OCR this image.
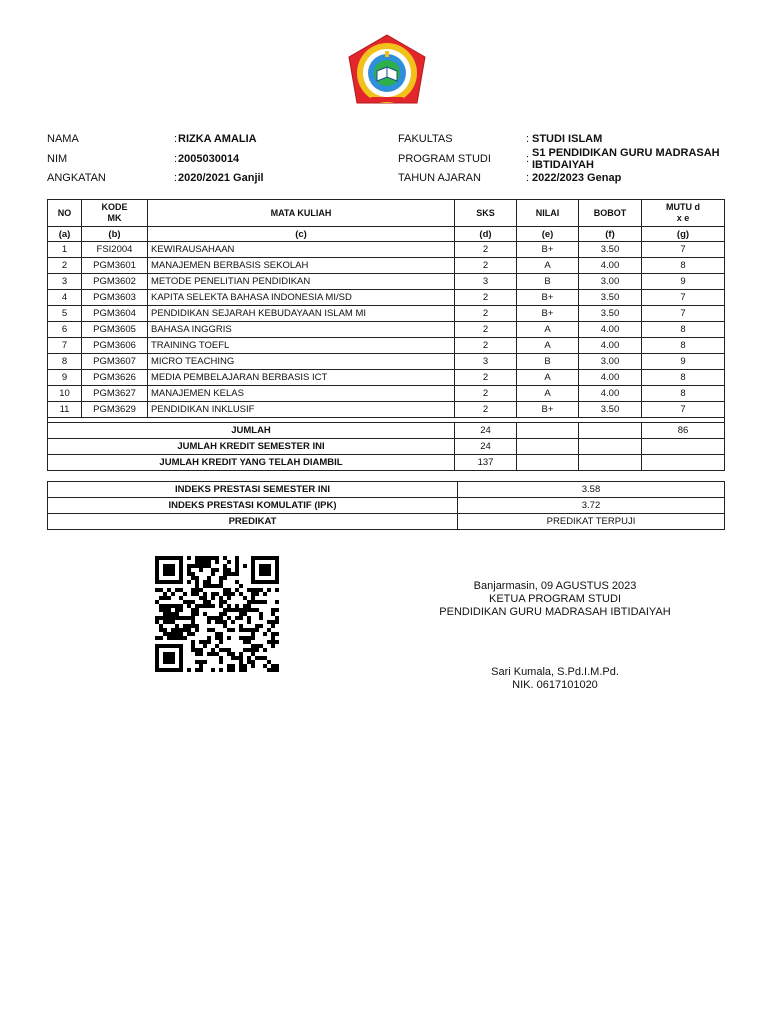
NAMA	: RIZKA AMALIA	FAKULTAS	: STUDI ISLAM
NIM	: 2005030014	PROGRAM STUDI	: S1 PENDIDIKAN GURU MADRASAH IBTIDAIYAH
ANGKATAN	: 2020/2021 Ganjil	TAHUN AJARAN	: 2022/2023 Genap
NO	KODE MK	MATA KULIAH	SKS	NILAI	BOBOT	MUTU d x e
(a)	(b)	(c)	(d)	(e)	(f)	(g)
1	FSI2004	KEWIRAUSAHAAN	2	B+	3.50	7
2	PGM3601	MANAJEMEN BERBASIS SEKOLAH	2	A	4.00	8
3	PGM3602	METODE PENELITIAN PENDIDIKAN	3	B	3.00	9
4	PGM3603	KAPITA SELEKTA BAHASA INDONESIA MI/SD	2	B+	3.50	7
5	PGM3604	PENDIDIKAN SEJARAH KEBUDAYAAN ISLAM MI	2	B+	3.50	7
6	PGM3605	BAHASA INGGRIS	2	A	4.00	8
7	PGM3606	TRAINING TOEFL	2	A	4.00	8
8	PGM3607	MICRO TEACHING	3	B	3.00	9
9	PGM3626	MEDIA PEMBELAJARAN BERBASIS ICT	2	A	4.00	8
10	PGM3627	MANAJEMEN KELAS	2	A	4.00	8
11	PGM3629	PENDIDIKAN INKLUSIF	2	B+	3.50	7

JUMLAH			24			86
JUMLAH KREDIT SEMESTER INI			24			
JUMLAH KREDIT YANG TELAH DIAMBIL			137			
INDEKS PRESTASI SEMESTER INI	3.58
INDEKS PRESTASI KOMULATIF (IPK)	3.72
PREDIKAT	PREDIKAT TERPUJI
Banjarmasin, 09 AGUSTUS 2023
KETUA PROGRAM STUDI
PENDIDIKAN GURU MADRASAH IBTIDAIYAH
Sari Kumala, S.Pd.I.M.Pd.
NIK. 0617101020
